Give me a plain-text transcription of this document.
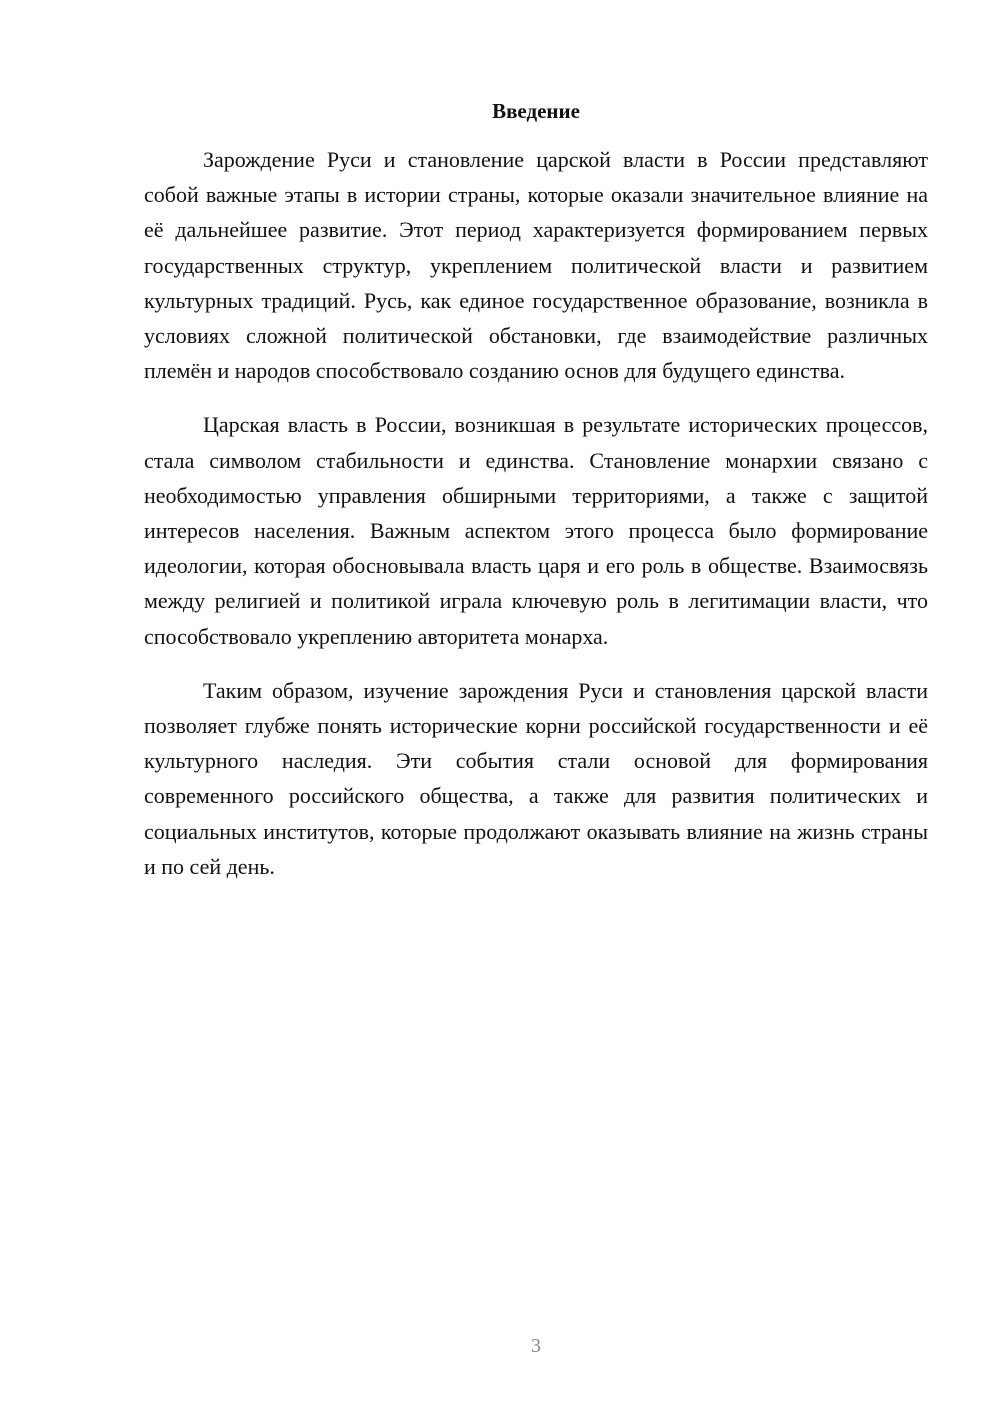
Введение

Зарождение Руси и становление царской власти в России представляют собой важные этапы в истории страны, которые оказали значительное влияние на её дальнейшее развитие. Этот период характеризуется формированием первых государственных структур, укреплением политической власти и развитием культурных традиций. Русь, как единое государственное образование, возникла в условиях сложной политической обстановки, где взаимодействие различных племён и народов способствовало созданию основ для будущего единства.

Царская власть в России, возникшая в результате исторических процессов, стала символом стабильности и единства. Становление монархии связано с необходимостью управления обширными территориями, а также с защитой интересов населения. Важным аспектом этого процесса было формирование идеологии, которая обосновывала власть царя и его роль в обществе. Взаимосвязь между религией и политикой играла ключевую роль в легитимации власти, что способствовало укреплению авторитета монарха.

Таким образом, изучение зарождения Руси и становления царской власти позволяет глубже понять исторические корни российской государственности и её культурного наследия. Эти события стали основой для формирования современного российского общества, а также для развития политических и социальных институтов, которые продолжают оказывать влияние на жизнь страны и по сей день.

3
